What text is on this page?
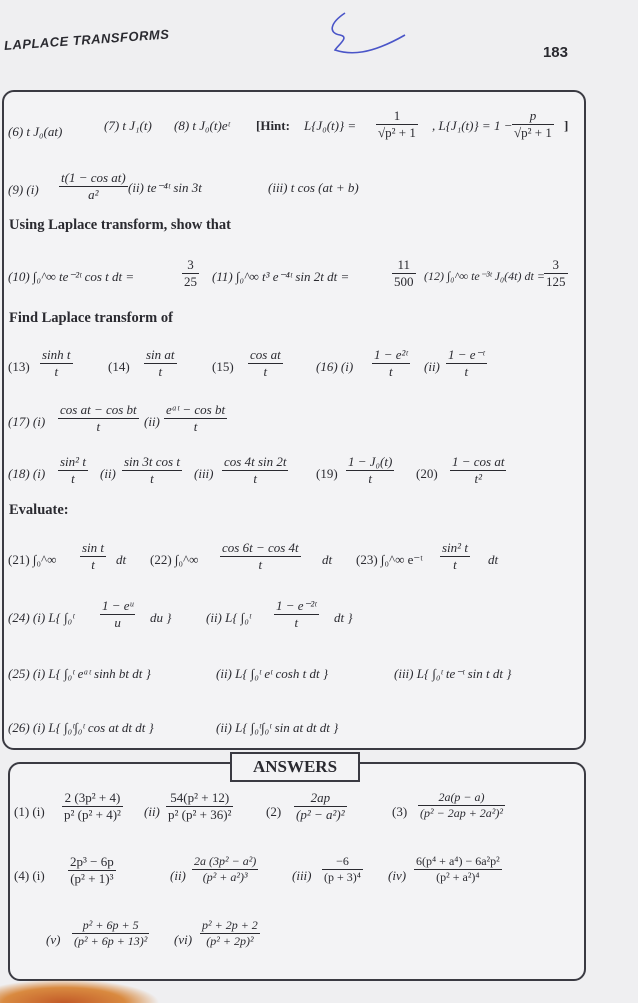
LAPLACE TRANSFORMS	183
(6) t J₀(at)	(7) t J₁(t) (8) t J₀(t)eᵗ [Hint: $L\{J_0(t)\} = \frac{1}{\text{√p² + 1}}$ , $L\{J_1(t)\} = 1 - \frac{p}{\text{√p² + 1}}$ ]
(9) $(i) \frac{\text{t(1 − cos at)}}{\text{a²}} (ii)$ te⁻⁴ᵗ sin 3t	(iii) t cos (at + b)
Using Laplace transform, show that
(10) ∫₀^∞ te⁻²ᵗ cos t dt =	$\frac{3}{25} (11)$ ∫₀^∞ t³ e⁻⁴ᵗ sin 2t dt =	$\frac{11}{500} (12)$ ∫₀^∞ te⁻³ᵗ J₀(4t) dt = $\frac{3}{125}$
Find Laplace transform of
$(13) \frac{\text{sinh t}}{t}$	$(14) \frac{\text{sin at}}{t}$	$(15) \frac{\text{cos at}}{t}$	(16) $(i) \frac{\text{1 − e²ᵗ}}{t} (ii) \frac{\text{1 − e⁻ᵗ}}{t}$
(17) $(i) \frac{\text{cos at − cos bt}}{t} (ii) \frac{\text{eᵃᵗ − cos bt}}{t}$
(18) $(i) \frac{\text{sin² t}}{t} (ii) \frac{\text{sin 3t cos t}}{t} (iii) \frac{\text{cos 4t sin 2t}}{t} (19) \frac{\text{1 − J₀(t)}}{t} (20) \frac{\text{1 − cos at}}{\text{t²}}$
Evaluate:
(21) ∫₀^∞ $\frac{\text{sin t}}{t}$ dt (22) ∫₀^∞ $\frac{\cos 6t - \cos 4t}{t}$ dt (23) ∫₀^∞ e⁻ᵗ $\frac{\text{sin² t}}{t}$ dt
(24) (i) L{ ∫₀ᵗ $\frac{\text{1 − eᵘ}}{u}$ du }	(ii) L{ ∫₀ᵗ $\frac{\text{1 − e⁻²ᵗ}}{t}$ dt }
(25) (i) L{ ∫₀ᵗ eᵃᵗ sinh bt dt }	(ii) L{ ∫₀ᵗ eᵗ cosh t dt }	(iii) L{ ∫₀ᵗ te⁻ᵗ sin t dt }
(26) (i) L{ ∫₀ᵗ∫₀ᵗ cos at dt dt }	(ii) L{ ∫₀ᵗ∫₀ᵗ sin at dt dt }
(1) $(i) \frac{\text{2 (3p² + 4)}}{\text{p² (p² + 4)²}} (ii) \frac{\text{54(p² + 12)}}{\text{p² (p² + 36)²}}$	$(2) \frac{2ap}{\text{(p² − a²)²}}$	$(3) \frac{2a(p - a)}{\text{(p² − 2ap + 2a²)²}}$
(4) $(i) \frac{\text{2p³ − 6p}}{\text{(p² + 1)³}}$	$(ii) \frac{\text{2a (3p² − a²)}}{\text{(p² + a²)³}}$	$(iii) \frac{-6}{\text{(p + 3)⁴}} (iv) \frac{\text{6(p⁴ + a⁴) − 6a²p²}}{\text{(p² + a²)⁴}}$
$(v) \frac{\text{p² + 6p + 5}}{\text{(p² + 6p + 13)²}} (vi) \frac{\text{p² + 2p + 2}}{\text{(p² + 2p)²}}$
ANSWERS
